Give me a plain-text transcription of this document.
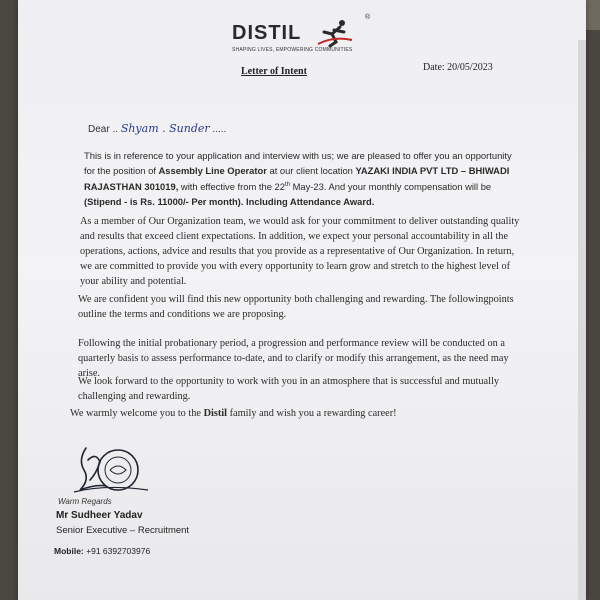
DISTIL
®
SHAPING LIVES, EMPOWERING COMMUNITIES
Letter of Intent	Date: 20/05/2023
Dear .. Shyam . Sunder .....
This is in reference to your application and interview with us; we are pleased to offer you an opportunity for the position of Assembly Line Operator at our client location YAZAKI INDIA PVT LTD – BHIWADI RAJASTHAN 301019, with effective from the 22th May-23. And your monthly compensation will be (Stipend - is Rs. 11000/- Per month). Including Attendance Award.
As a member of Our Organization team, we would ask for your commitment to deliver outstanding quality and results that exceed client expectations. In addition, we expect your personal accountability in all the operations, actions, advice and results that you provide as a representative of Our Organization. In return, we are committed to provide you with every opportunity to learn grow and stretch to the highest level of your ability and potential.
We are confident you will find this new opportunity both challenging and rewarding. The followingpoints outline the terms and conditions we are proposing.
Following the initial probationary period, a progression and performance review will be conducted on a quarterly basis to assess performance to-date, and to clarify or modify this arrangement, as the need may arise.
We look forward to the opportunity to work with you in an atmosphere that is successful and mutually challenging and rewarding.
We warmly welcome you to the Distil family and wish you a rewarding career!
Warm Regards
Mr Sudheer Yadav
Senior Executive – Recruitment
Mobile: +91 6392703976
